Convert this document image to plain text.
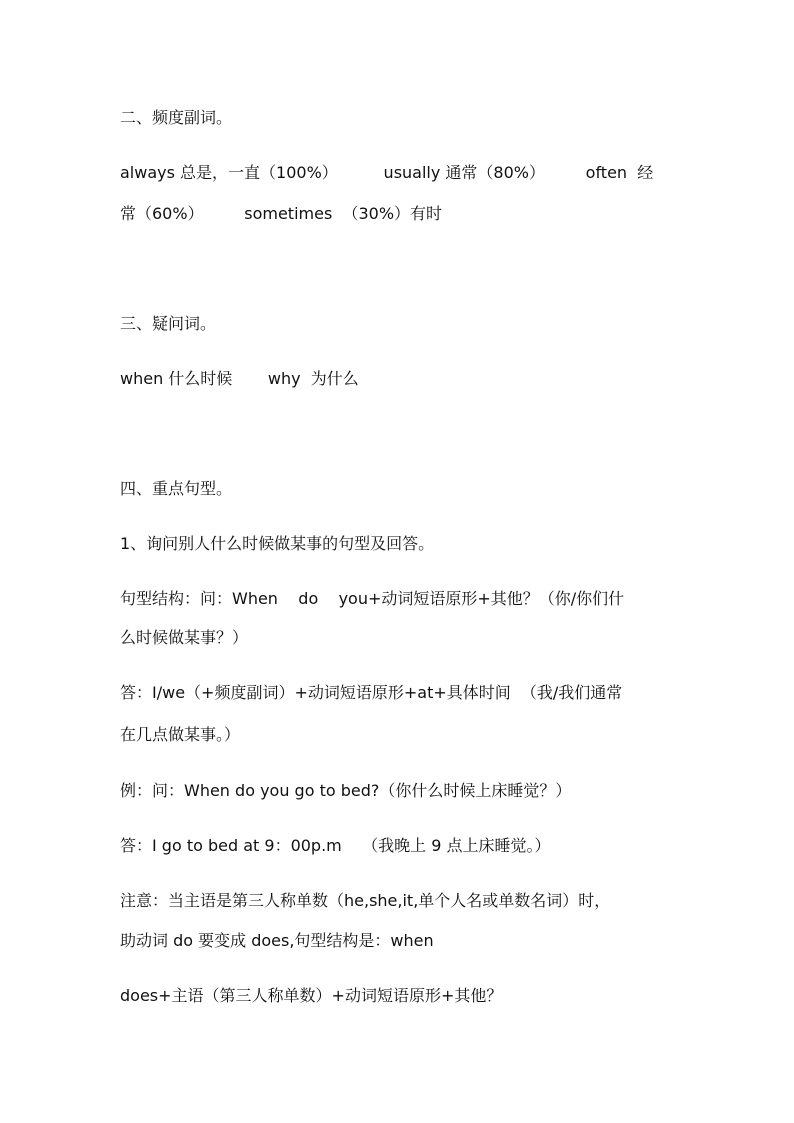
二、频度副词。

always 总是，一直（100%）         usually 通常（80%）        often  经

常（60%）        sometimes  （30%）有时

三、疑问词。

when 什么时候       why  为什么

四、重点句型。

1、询问别人什么时候做某事的句型及回答。

句型结构：问：When    do    you+动词短语原形+其他？（你/你们什

么时候做某事？）

答：I/we（+频度副词）+动词短语原形+at+具体时间  （我/我们通常

在几点做某事。）

例：问：When do you go to bed?（你什么时候上床睡觉？）

答：I go to bed at 9：00p.m    （我晚上 9 点上床睡觉。）

注意：当主语是第三人称单数（he,she,it,单个人名或单数名词）时，

助动词 do 要变成 does,句型结构是：when

does+主语（第三人称单数）+动词短语原形+其他？
